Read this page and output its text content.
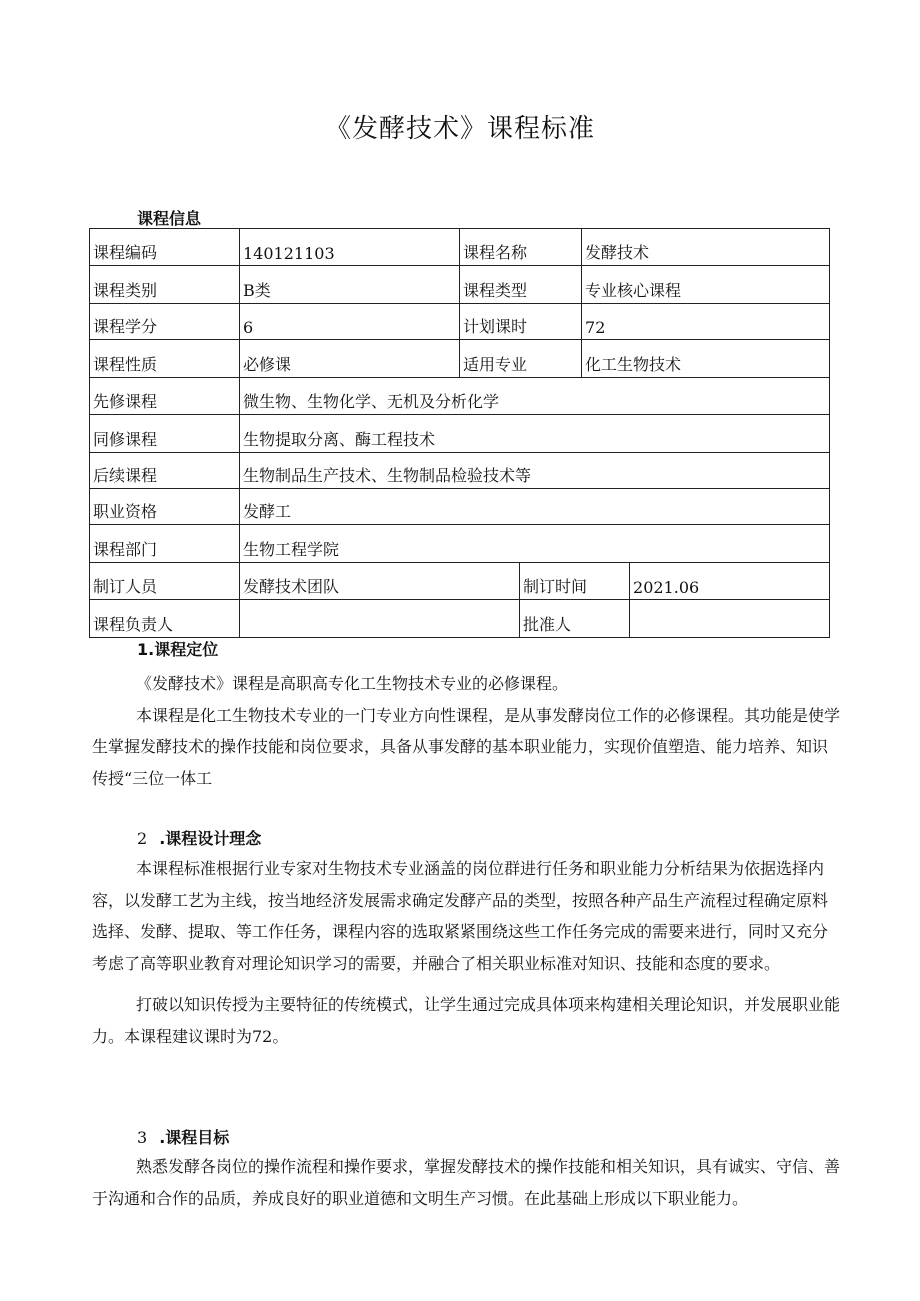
《发酵技术》课程标准
课程信息
课程编码	140121103	课程名称		发酵技术	
课程类别	B类	课程类型		专业核心课程	
课程学分	6	计划课时		72	
课程性质	必修课	适用专业		化工生物技术	
先修课程	微生物、生物化学、无机及分析化学				
同修课程	生物提取分离、酶工程技术				
后续课程	生物制品生产技术、生物制品检验技术等				
职业资格	发酵工				
课程部门	生物工程学院				
制订人员	发酵技术团队		制订时间		2021.06
课程负责人			批准人		
1.课程定位

《发酵技术》课程是高职高专化工生物技术专业的必修课程。

本课程是化工生物技术专业的一门专业方向性课程，是从事发酵岗位工作的必修课程。其功能是使学生掌握发酵技术的操作技能和岗位要求，具备从事发酵的基本职业能力，实现价值塑造、能力培养、知识传授“三位一体工

2 .课程设计理念

本课程标准根据行业专家对生物技术专业涵盖的岗位群进行任务和职业能力分析结果为依据选择内容，以发酵工艺为主线，按当地经济发展需求确定发酵产品的类型，按照各种产品生产流程过程确定原料选择、发酵、提取、等工作任务，课程内容的选取紧紧围绕这些工作任务完成的需要来进行，同时又充分考虑了高等职业教育对理论知识学习的需要，并融合了相关职业标准对知识、技能和态度的要求。

打破以知识传授为主要特征的传统模式，让学生通过完成具体项来构建相关理论知识，并发展职业能力。本课程建议课时为72。

3 .课程目标

熟悉发酵各岗位的操作流程和操作要求，掌握发酵技术的操作技能和相关知识，具有诚实、守信、善于沟通和合作的品质，养成良好的职业道德和文明生产习惯。在此基础上形成以下职业能力。
